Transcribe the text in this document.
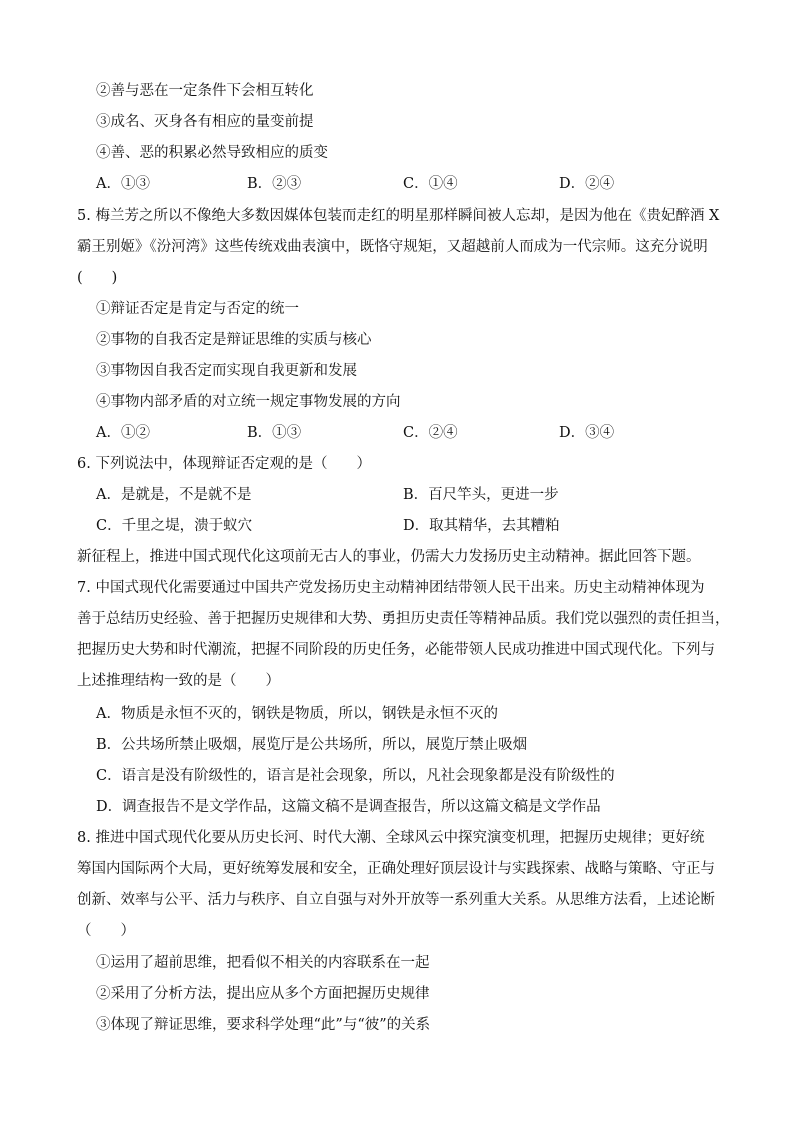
②善与恶在一定条件下会相互转化
③成名、灭身各有相应的量变前提
④善、恶的积累必然导致相应的质变
A．①③	B．②③	C．①④	D．②④
5. 梅兰芳之所以不像绝大多数因媒体包装而走红的明星那样瞬间被人忘却，是因为他在《贵妃醉酒 X
霸王别姬》《汾河湾》这些传统戏曲表演中，既恪守规矩，又超越前人而成为一代宗师。这充分说明
(　　)
①辩证否定是肯定与否定的统一
②事物的自我否定是辩证思维的实质与核心
③事物因自我否定而实现自我更新和发展
④事物内部矛盾的对立统一规定事物发展的方向
A．①②	B．①③	C．②④	D．③④
6. 下列说法中，体现辩证否定观的是（　　）
A．是就是，不是就不是	B．百尺竿头，更进一步
C．千里之堤，溃于蚁穴	D．取其精华，去其糟粕
新征程上，推进中国式现代化这项前无古人的事业，仍需大力发扬历史主动精神。据此回答下题。
7. 中国式现代化需要通过中国共产党发扬历史主动精神团结带领人民干出来。历史主动精神体现为
善于总结历史经验、善于把握历史规律和大势、勇担历史责任等精神品质。我们党以强烈的责任担当，
把握历史大势和时代潮流，把握不同阶段的历史任务，必能带领人民成功推进中国式现代化。下列与
上述推理结构一致的是（　　）
A．物质是永恒不灭的，钢铁是物质，所以，钢铁是永恒不灭的
B．公共场所禁止吸烟，展览厅是公共场所，所以，展览厅禁止吸烟
C．语言是没有阶级性的，语言是社会现象，所以，凡社会现象都是没有阶级性的
D．调查报告不是文学作品，这篇文稿不是调查报告，所以这篇文稿是文学作品
8. 推进中国式现代化要从历史长河、时代大潮、全球风云中探究演变机理，把握历史规律；更好统
筹国内国际两个大局，更好统筹发展和安全，正确处理好顶层设计与实践探索、战略与策略、守正与
创新、效率与公平、活力与秩序、自立自强与对外开放等一系列重大关系。从思维方法看，上述论断
（　　）
①运用了超前思维，把看似不相关的内容联系在一起
②采用了分析方法，提出应从多个方面把握历史规律
③体现了辩证思维，要求科学处理“此”与“彼”的关系
